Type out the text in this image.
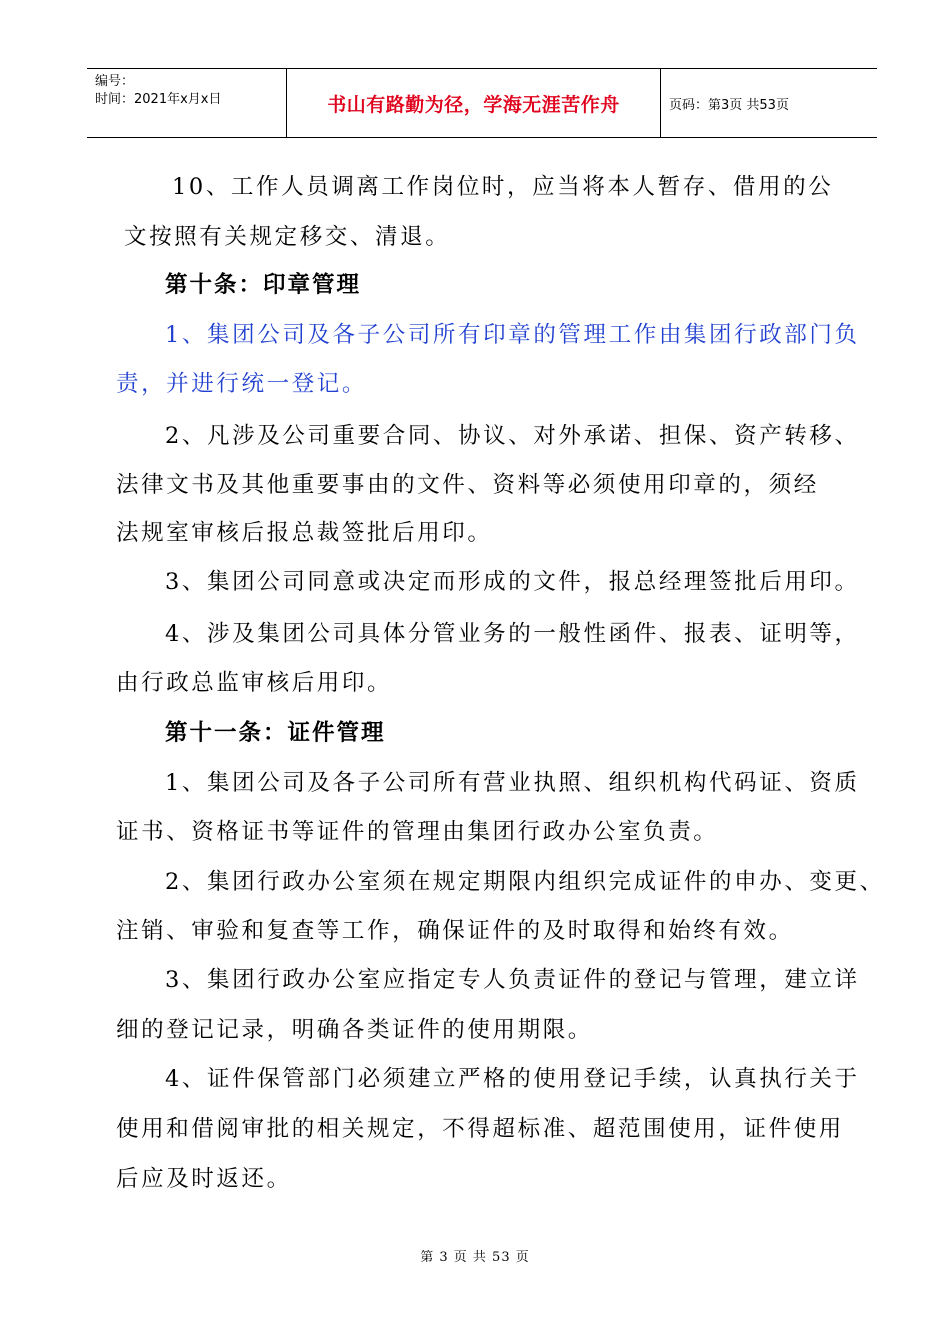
编号：
时间：2021年x月x日	书山有路勤为径，学海无涯苦作舟	页码：第3页 共53页
10、工作人员调离工作岗位时，应当将本人暂存、借用的公
文按照有关规定移交、清退。
第十条：印章管理
1、集团公司及各子公司所有印章的管理工作由集团行政部门负
责，并进行统一登记。
2、凡涉及公司重要合同、协议、对外承诺、担保、资产转移、
法律文书及其他重要事由的文件、资料等必须使用印章的，须经
法规室审核后报总裁签批后用印。
3、集团公司同意或决定而形成的文件，报总经理签批后用印。
4、涉及集团公司具体分管业务的一般性函件、报表、证明等，
由行政总监审核后用印。
第十一条：证件管理
1、集团公司及各子公司所有营业执照、组织机构代码证、资质
证书、资格证书等证件的管理由集团行政办公室负责。
2、集团行政办公室须在规定期限内组织完成证件的申办、变更、
注销、审验和复查等工作，确保证件的及时取得和始终有效。
3、集团行政办公室应指定专人负责证件的登记与管理，建立详
细的登记记录，明确各类证件的使用期限。
4、证件保管部门必须建立严格的使用登记手续，认真执行关于
使用和借阅审批的相关规定，不得超标准、超范围使用，证件使用
后应及时返还。
第 3 页 共 53 页
